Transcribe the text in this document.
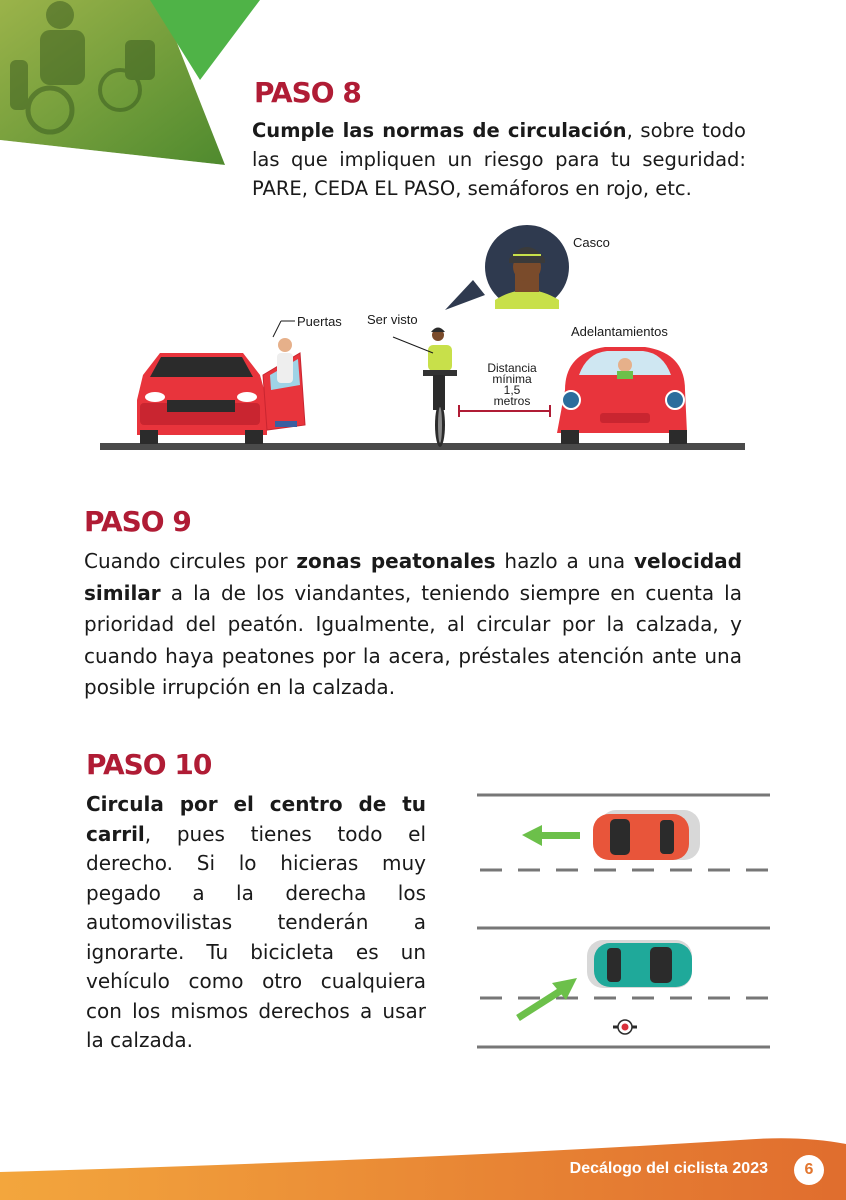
PASO 8

Cumple las normas de circulación, sobre todo las que impliquen un riesgo para tu seguridad: PARE, CEDA EL PASO, semáforos en rojo, etc.

Casco
Puertas Ser visto
Adelantamientos
Distancia
mínima
1,5 metros
PASO 9

Cuando circules por zonas peatonales hazlo a una velocidad similar a la de los viandantes, teniendo siempre en cuenta la prioridad del peatón. Igualmente, al circular por la calzada, y cuando haya peatones por la acera, préstales atención ante una posible irrupción en la calzada.

PASO 10

Circula por el centro de tu carril, pues tienes todo el derecho. Si lo hicieras muy pegado a la derecha los automovilistas tenderán a ignorarte. Tu bicicleta es un vehículo como otro cualquiera con los mismos derechos a usar la calzada.

Decálogo del ciclista 2023	6
